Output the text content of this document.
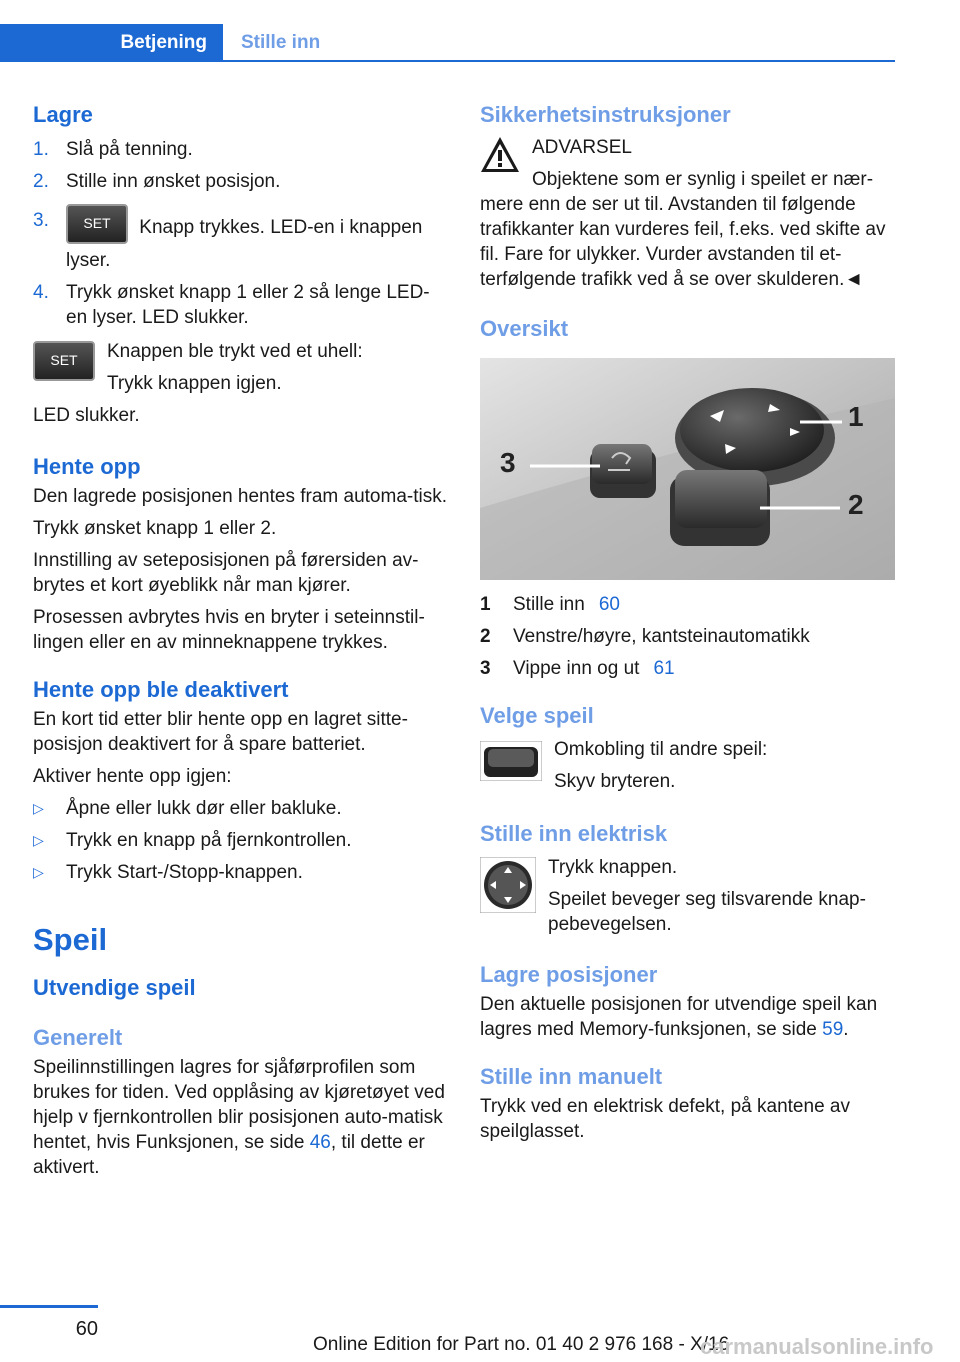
Betjening	Stille inn
Lagre
1. Slå på tenning.
2. Stille inn ønsket posisjon.
3.	SET Knapp trykkes. LED-en i knappen lyser.
4. Trykk ønsket knapp 1 eller 2 så lenge LED-en lyser. LED slukker.
SET	Knappen ble trykt ved et uhell:

Trykk knappen igjen.

LED slukker.

Hente opp

Den lagrede posisjonen hentes fram automa-tisk.

Trykk ønsket knapp 1 eller 2.

Innstilling av seteposisjonen på førersiden av-brytes et kort øyeblikk når man kjører.

Prosessen avbrytes hvis en bryter i seteinnstil-lingen eller en av minneknappene trykkes.

Hente opp ble deaktivert

En kort tid etter blir hente opp en lagret sitte-posisjon deaktivert for å spare batteriet.

Aktiver hente opp igjen:

▷	Åpne eller lukk dør eller bakluke.
▷	Trykk en knapp på fjernkontrollen.
▷	Trykk Start-/Stopp-knappen.
Speil
Utvendige speil
Generelt

Speilinnstillingen lagres for sjåførprofilen som brukes for tiden. Ved opplåsing av kjøretøyet ved hjelp v fjernkontrollen blir posisjonen auto-matisk hentet, hvis Funksjonen, se side 46, til dette er aktivert.

Sikkerhetsinstruksjoner
ADVARSEL
Objektene som er synlig i speilet er nær-
mere enn de ser ut til. Avstanden til følgende trafikkanter kan vurderes feil, f.eks. ved skifte av fil. Fare for ulykker. Vurder avstanden til et-terfølgende trafikk ved å se over skulderen.◄
Oversikt
1
2
3
1	Stille inn 60
2	Venstre/høyre, kantsteinautomatikk
3	Vippe inn og ut 61
Velge speil

Omkobling til andre speil:

Skyv bryteren.

Stille inn elektrisk

Trykk knappen.

Speilet beveger seg tilsvarende knap-pebevegelsen.

Lagre posisjoner

Den aktuelle posisjonen for utvendige speil kan lagres med Memory-funksjonen, se side 59.

Stille inn manuelt

Trykk ved en elektrisk defekt, på kantene av speilglasset.

60
Online Edition for Part no. 01 40 2 976 168 - X/16
carmanualsonline.info
